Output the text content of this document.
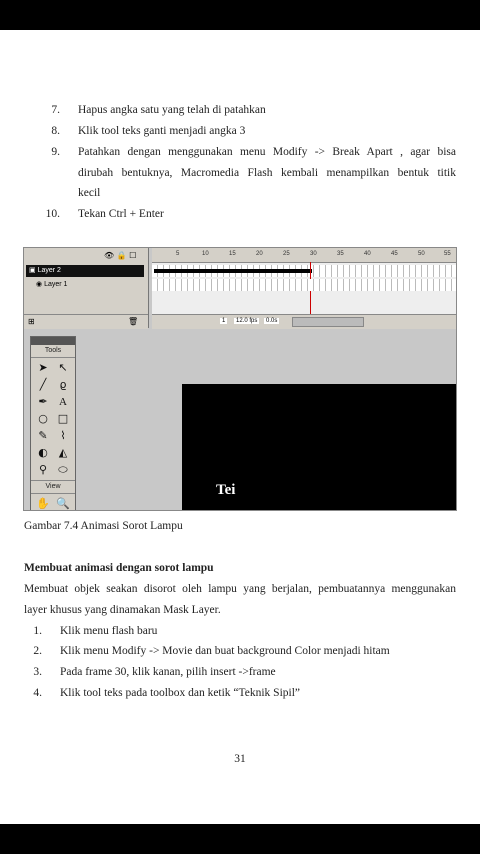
7. Hapus angka satu yang telah di patahkan
8. Klik tool teks ganti menjadi angka 3
9. Patahkan dengan menggunakan menu Modify -> Break Apart , agar bisa
dirubah bentuknya, Macromedia Flash kembali menampilkan bentuk titik
kecil
10. Tekan Ctrl + Enter
👁 🔒 ☐
▣ Layer 2
◉ Layer 1
⊞	🗑
5	10	15	20	25	30	35	40	45	50	55
1	12.0 fps	0.0s
Tools
➤ ↖
╱	ϱ
✒	A
○ □
✎	⌇
◐ ◭
⚲	⬭
View
✋ 🔍
Tei
Gambar 7.4 Animasi Sorot Lampu
Membuat animasi dengan sorot lampu
Membuat objek seakan disorot oleh lampu yang berjalan, pembuatannya menggunakan
layer khusus yang dinamakan Mask Layer.
1. Klik menu flash baru
2. Klik menu Modify -> Movie dan buat background Color menjadi hitam
3. Pada frame 30, klik kanan, pilih insert ->frame
4. Klik tool teks pada toolbox dan ketik “Teknik Sipil”
31
